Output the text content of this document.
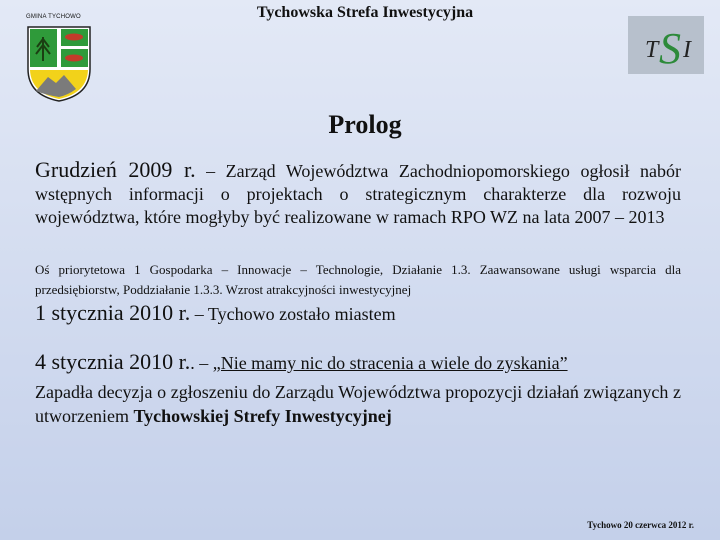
GMINA TYCHOWO	Tychowska Strefa Inwestycyjna
T S I
Prolog

Grudzień 2009 r. – Zarząd Województwa Zachodniopomorskiego ogłosił nabór wstępnych informacji o projektach o strategicznym charakterze dla rozwoju województwa, które mogłyby być realizowane w ramach RPO WZ na lata 2007 – 2013

Oś priorytetowa 1 Gospodarka – Innowacje – Technologie, Działanie 1.3. Zaawansowane usługi wsparcia dla przedsiębiorstw, Poddziałanie 1.3.3. Wzrost atrakcyjności inwestycyjnej

1 stycznia 2010 r. – Tychowo zostało miastem

4 stycznia 2010 r.. – „Nie mamy nic do stracenia a wiele do zyskania”

Zapadła decyzja o zgłoszeniu do Zarządu Województwa propozycji działań związanych z utworzeniem Tychowskiej Strefy Inwestycyjnej

Tychowo 20 czerwca 2012 r.
